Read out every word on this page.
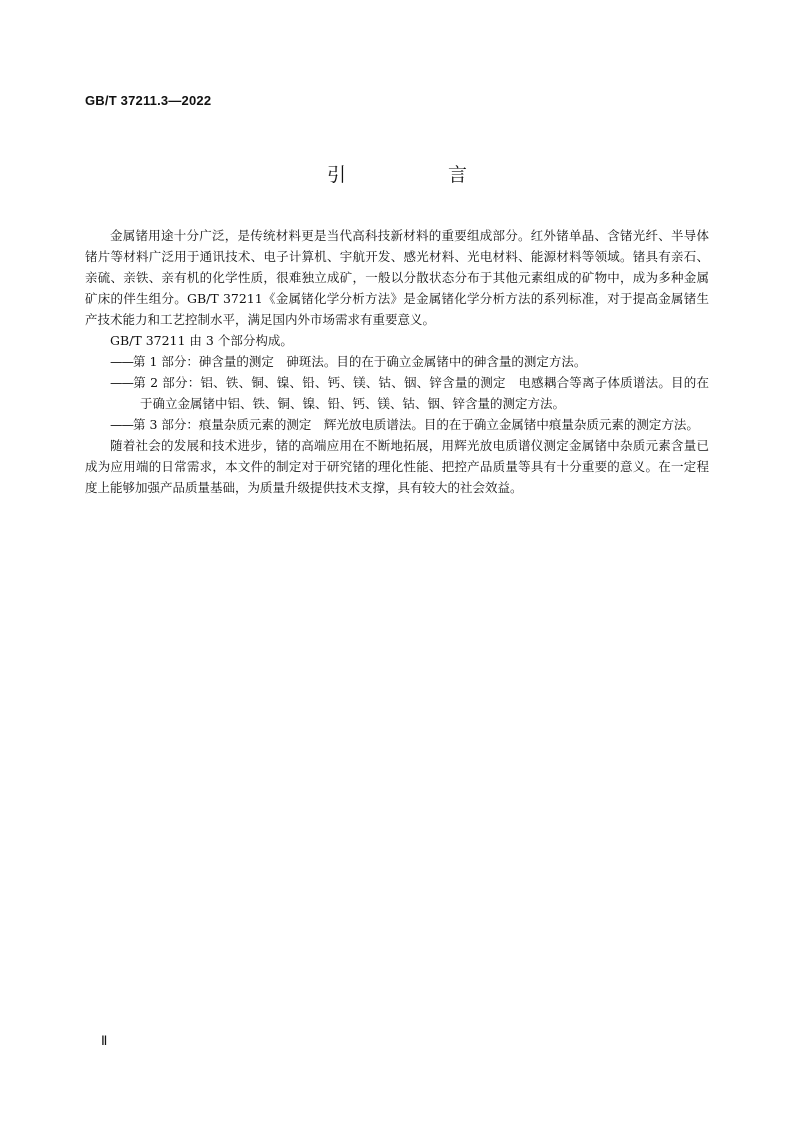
GB/T 37211.3—2022
引 言

金属锗用途十分广泛，是传统材料更是当代高科技新材料的重要组成部分。红外锗单晶、含锗光纤、半导体锗片等材料广泛用于通讯技术、电子计算机、宇航开发、感光材料、光电材料、能源材料等领域。锗具有亲石、亲硫、亲铁、亲有机的化学性质，很难独立成矿，一般以分散状态分布于其他元素组成的矿物中，成为多种金属矿床的伴生组分。GB/T 37211《金属锗化学分析方法》是金属锗化学分析方法的系列标准，对于提高金属锗生产技术能力和工艺控制水平，满足国内外市场需求有重要意义。

GB/T 37211 由 3 个部分构成。

——第 1 部分：砷含量的测定　砷斑法。目的在于确立金属锗中的砷含量的测定方法。

——第 2 部分：铝、铁、铜、镍、铅、钙、镁、钴、铟、锌含量的测定　电感耦合等离子体质谱法。目的在于确立金属锗中铝、铁、铜、镍、铅、钙、镁、钴、铟、锌含量的测定方法。

——第 3 部分：痕量杂质元素的测定　辉光放电质谱法。目的在于确立金属锗中痕量杂质元素的测定方法。

随着社会的发展和技术进步，锗的高端应用在不断地拓展，用辉光放电质谱仪测定金属锗中杂质元素含量已成为应用端的日常需求，本文件的制定对于研究锗的理化性能、把控产品质量等具有十分重要的意义。在一定程度上能够加强产品质量基础，为质量升级提供技术支撑，具有较大的社会效益。

Ⅱ
